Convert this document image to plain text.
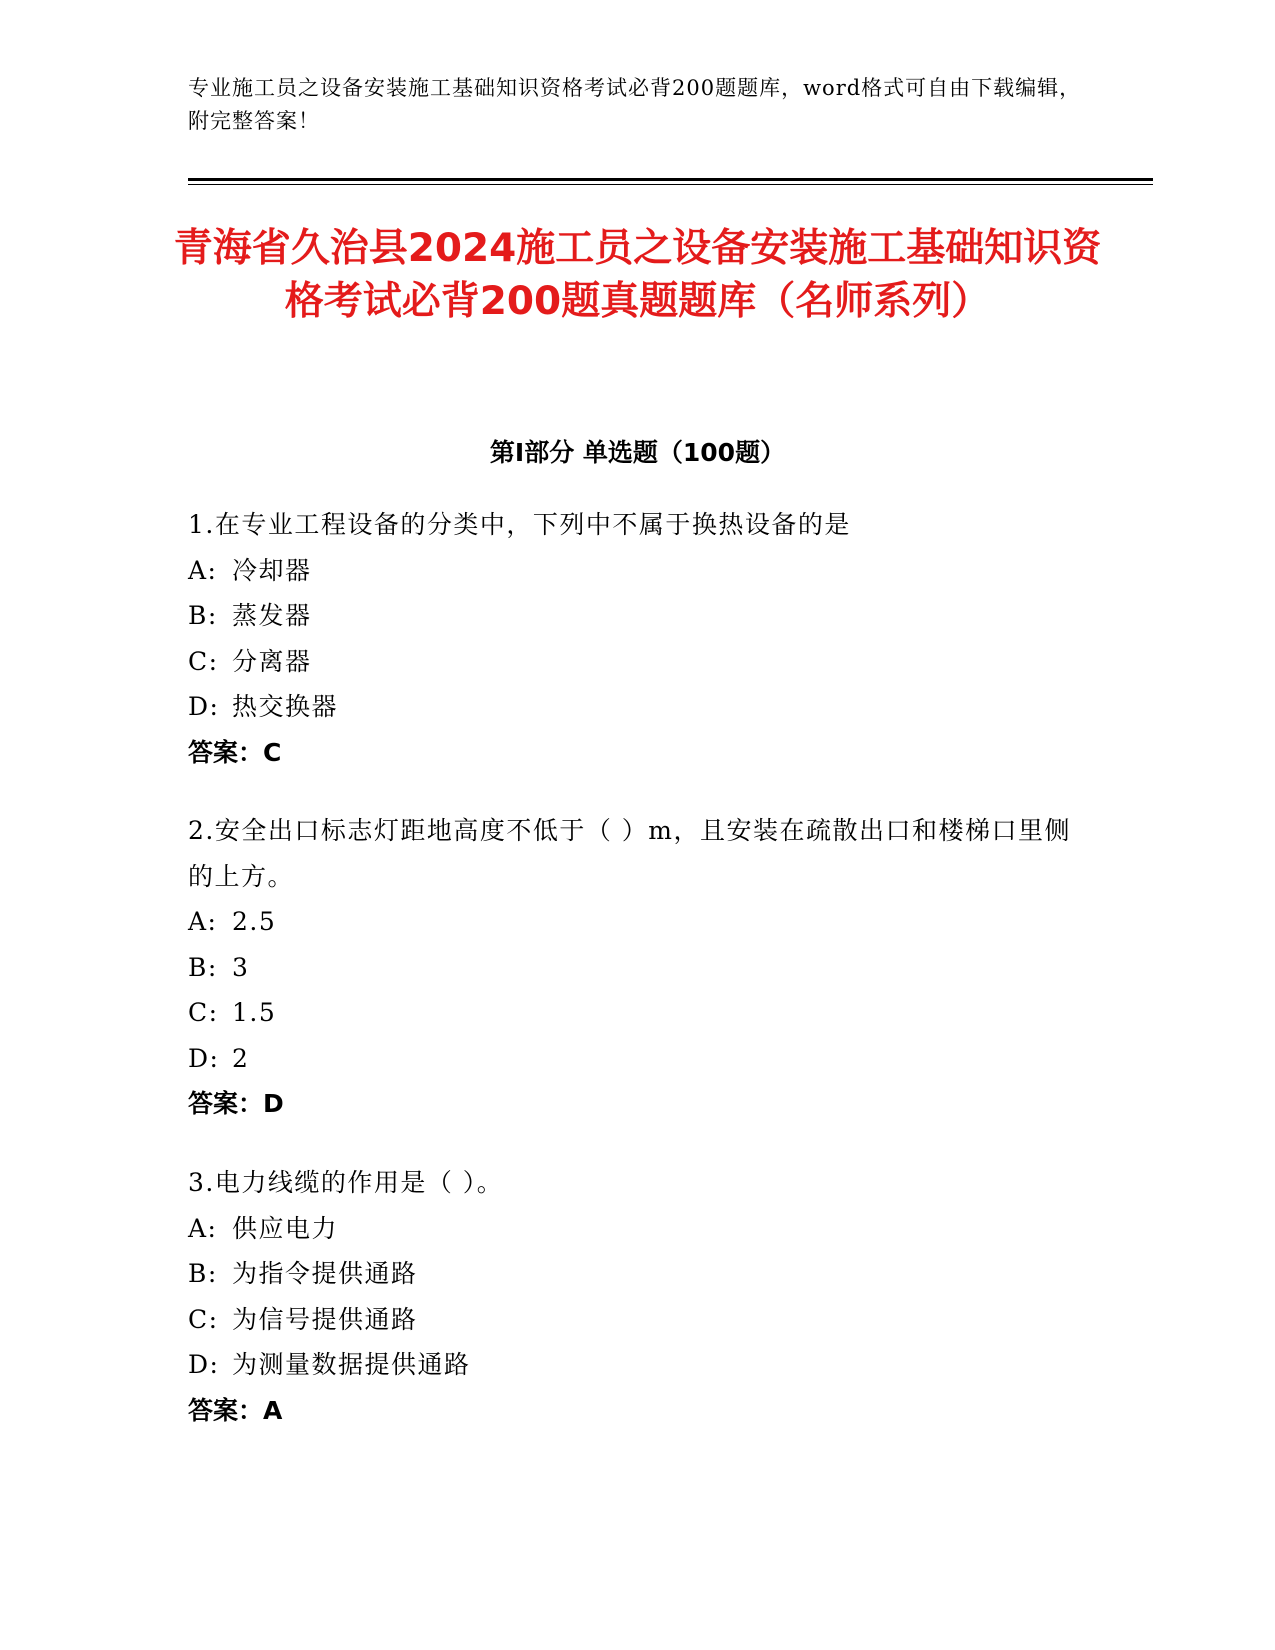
专业施工员之设备安装施工基础知识资格考试必背200题题库，word格式可自由下载编辑，附完整答案！
青海省久治县2024施工员之设备安装施工基础知识资格考试必背200题真题题库（名师系列）
第Ⅰ部分 单选题（100题）
1.在专业工程设备的分类中，下列中不属于换热设备的是
A: 冷却器
B: 蒸发器
C: 分离器
D: 热交换器
答案：C
2.安全出口标志灯距地高度不低于（ ）m，且安装在疏散出口和楼梯口里侧的上方。
A: 2.5
B: 3
C: 1.5
D: 2
答案：D
3.电力线缆的作用是（ ）。
A: 供应电力
B: 为指令提供通路
C: 为信号提供通路
D: 为测量数据提供通路
答案：A
